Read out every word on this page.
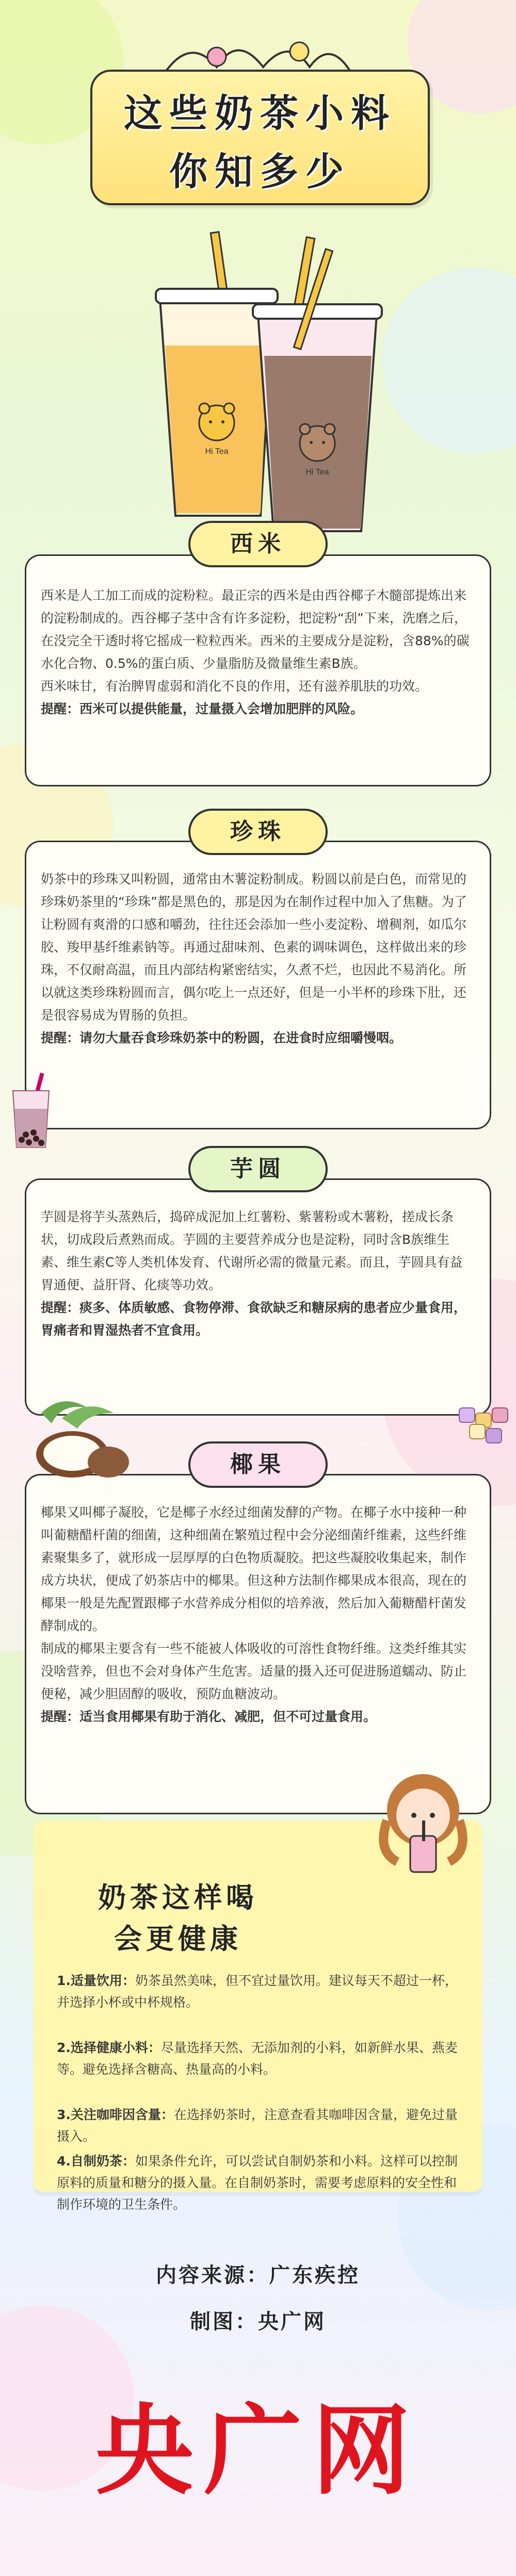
这些奶茶小料
你知多少
Hi Tea
Hi Tea

西米是人工加工而成的淀粉粒。最正宗的西米是由西谷椰子木髓部提炼出来的淀粉制成的。西谷椰子茎中含有许多淀粉，把淀粉“刮”下来，洗磨之后，在没完全干透时将它摇成一粒粒西米。西米的主要成分是淀粉，含88%的碳水化合物、0.5%的蛋白质、少量脂肪及微量维生素B族。

西米味甘，有治脾胃虚弱和消化不良的作用，还有滋养肌肤的功效。

提醒：西米可以提供能量，过量摄入会增加肥胖的风险。

西米

奶茶中的珍珠又叫粉圆，通常由木薯淀粉制成。粉圆以前是白色，而常见的珍珠奶茶里的“珍珠”都是黑色的，那是因为在制作过程中加入了焦糖。为了让粉圆有爽滑的口感和嚼劲，往往还会添加一些小麦淀粉、增稠剂，如瓜尔胶、羧甲基纤维素钠等。再通过甜味剂、色素的调味调色，这样做出来的珍珠，不仅耐高温，而且内部结构紧密结实，久煮不烂，也因此不易消化。所以就这类珍珠粉圆而言，偶尔吃上一点还好，但是一小半杯的珍珠下肚，还是很容易成为胃肠的负担。

提醒：请勿大量吞食珍珠奶茶中的粉圆，在进食时应细嚼慢咽。

珍珠

芋圆是将芋头蒸熟后，捣碎成泥加上红薯粉、紫薯粉或木薯粉，搓成长条状，切成段后煮熟而成。芋圆的主要营养成分也是淀粉，同时含B族维生素、维生素C等人类机体发育、代谢所必需的微量元素。而且，芋圆具有益胃通便、益肝肾、化痰等功效。

提醒：痰多、体质敏感、食物停滞、食欲缺乏和糖尿病的患者应少量食用，胃痛者和胃湿热者不宜食用。

芋圆

椰果又叫椰子凝胶，它是椰子水经过细菌发酵的产物。在椰子水中接种一种叫葡糖醋杆菌的细菌，这种细菌在繁殖过程中会分泌细菌纤维素，这些纤维素聚集多了，就形成一层厚厚的白色物质凝胶。把这些凝胶收集起来，制作成方块状，便成了奶茶店中的椰果。但这种方法制作椰果成本很高，现在的椰果一般是先配置跟椰子水营养成分相似的培养液，然后加入葡糖醋杆菌发酵制成的。

制成的椰果主要含有一些不能被人体吸收的可溶性食物纤维。这类纤维其实没啥营养，但也不会对身体产生危害。适量的摄入还可促进肠道蠕动、防止便秘，减少胆固醇的吸收，预防血糖波动。

提醒：适当食用椰果有助于消化、减肥，但不可过量食用。

椰果
奶茶这样喝
会更健康
1.适量饮用：奶茶虽然美味，但不宜过量饮用。建议每天不超过一杯，并选择小杯或中杯规格。
2.选择健康小料：尽量选择天然、无添加剂的小料，如新鲜水果、燕麦等。避免选择含糖高、热量高的小料。
3.关注咖啡因含量：在选择奶茶时，注意查看其咖啡因含量，避免过量摄入。
4.自制奶茶：如果条件允许，可以尝试自制奶茶和小料。这样可以控制原料的质量和糖分的摄入量。在自制奶茶时，需要考虑原料的安全性和制作环境的卫生条件。
内容来源：广东疾控
制图：央广网
央广网
